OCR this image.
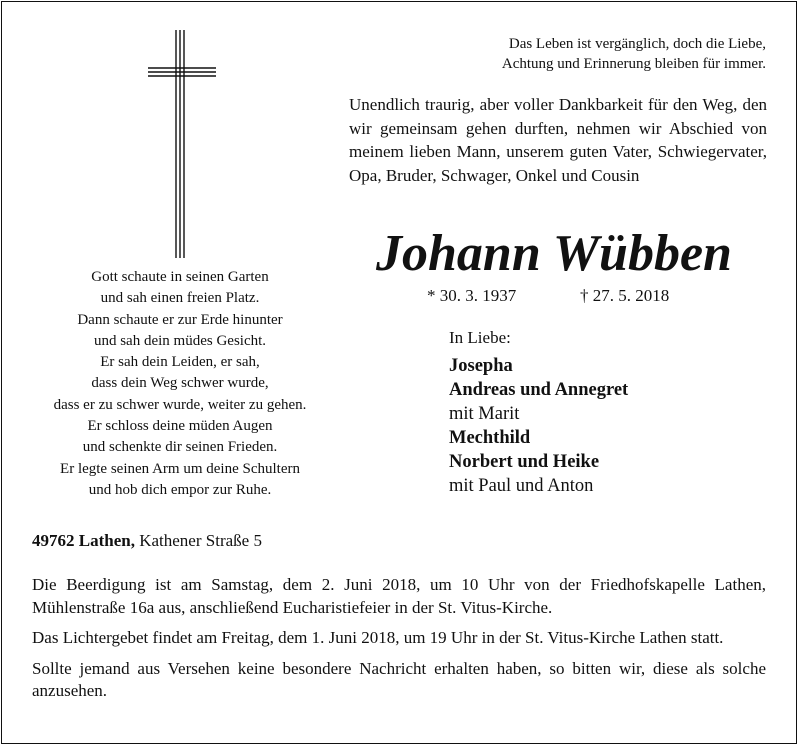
Das Leben ist vergänglich, doch die Liebe,
Achtung und Erinnerung bleiben für immer.
Unendlich traurig, aber voller Dankbarkeit für den Weg, den wir gemeinsam gehen durften, nehmen wir Abschied von meinem lieben Mann, unserem guten Vater, Schwiegervater, Opa, Bruder, Schwager, Onkel und Cousin
Johann Wübben
* 30. 3. 1937	† 27. 5. 2018
In Liebe:
Josepha
Andreas und Annegret
mit Marit
Mechthild
Norbert und Heike
mit Paul und Anton
Gott schaute in seinen Garten
und sah einen freien Platz.
Dann schaute er zur Erde hinunter
und sah dein müdes Gesicht.
Er sah dein Leiden, er sah,
dass dein Weg schwer wurde,
dass er zu schwer wurde, weiter zu gehen.
Er schloss deine müden Augen
und schenkte dir seinen Frieden.
Er legte seinen Arm um deine Schultern
und hob dich empor zur Ruhe.
49762 Lathen, Kathener Straße 5

Die Beerdigung ist am Samstag, dem 2. Juni 2018, um 10 Uhr von der Friedhofskapelle Lathen, Mühlenstraße 16a aus, anschließend Eucharistiefeier in der St. Vitus-Kirche.

Das Lichtergebet findet am Freitag, dem 1. Juni 2018, um 19 Uhr in der St. Vitus-Kirche Lathen statt.

Sollte jemand aus Versehen keine besondere Nachricht erhalten haben, so bitten wir, diese als solche anzusehen.
